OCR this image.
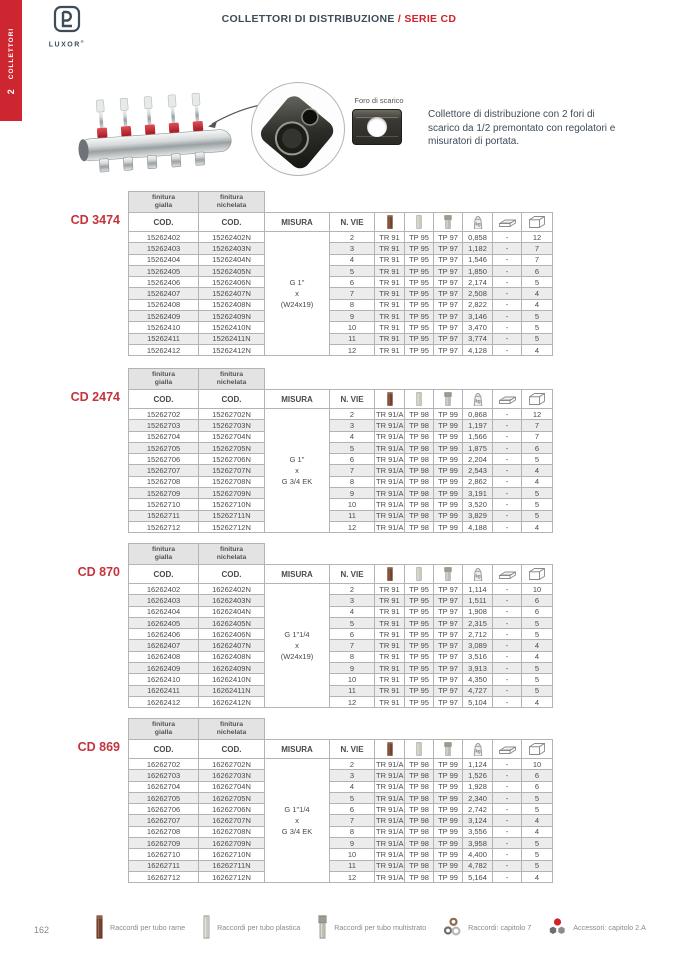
2
COLLETTORI	LUXOR®
COLLETTORI DI DISTRIBUZIONE / SERIE CD
Foro di scarico

Collettore di distribuzione con 2 fori di scarico da 1/2 premontato con regolatori e misuratori di portata.

CD 3474
finitura
gialla	finitura
nichelata								
COD.	COD.	MISURA	N. VIE				kg

15262402	15262402N	G 1"
x
(W24x19)	2	TR 91	TP 95	TP 97	0,858	-	12
15262403	15262403N		3	TR 91	TP 95	TP 97	1,182	-	7
15262404	15262404N		4	TR 91	TP 95	TP 97	1,546	-	7
15262405	15262405N		5	TR 91	TP 95	TP 97	1,850	-	6
15262406	15262406N		6	TR 91	TP 95	TP 97	2,174	-	5
15262407	15262407N		7	TR 91	TP 95	TP 97	2,508	-	4
15262408	15262408N		8	TR 91	TP 95	TP 97	2,822	-	4
15262409	15262409N		9	TR 91	TP 95	TP 97	3,146	-	5
15262410	15262410N		10	TR 91	TP 95	TP 97	3,470	-	5
15262411	15262411N		11	TR 91	TP 95	TP 97	3,774	-	5
15262412	15262412N		12	TR 91	TP 95	TP 97	4,128	-	4
CD 2474
finitura
gialla	finitura
nichelata								
COD.	COD.	MISURA	N. VIE				kg

15262702	15262702N	G 1"
x
G 3/4 EK	2	TR 91/A	TP 98	TP 99	0,868	-	12
15262703	15262703N		3	TR 91/A	TP 98	TP 99	1,197	-	7
15262704	15262704N		4	TR 91/A	TP 98	TP 99	1,566	-	7
15262705	15262705N		5	TR 91/A	TP 98	TP 99	1,875	-	6
15262706	15262706N		6	TR 91/A	TP 98	TP 99	2,204	-	5
15262707	15262707N		7	TR 91/A	TP 98	TP 99	2,543	-	4
15262708	15262708N		8	TR 91/A	TP 98	TP 99	2,862	-	4
15262709	15262709N		9	TR 91/A	TP 98	TP 99	3,191	-	5
15262710	15262710N		10	TR 91/A	TP 98	TP 99	3,520	-	5
15262711	15262711N		11	TR 91/A	TP 98	TP 99	3,829	-	5
15262712	15262712N		12	TR 91/A	TP 98	TP 99	4,188	-	4
CD 870
finitura
gialla	finitura
nichelata								
COD.	COD.	MISURA	N. VIE				kg

16262402	16262402N	G 1"1/4
x
(W24x19)	2	TR 91	TP 95	TP 97	1,114	-	10
16262403	16262403N		3	TR 91	TP 95	TP 97	1,511	-	6
16262404	16262404N		4	TR 91	TP 95	TP 97	1,908	-	6
16262405	16262405N		5	TR 91	TP 95	TP 97	2,315	-	5
16262406	16262406N		6	TR 91	TP 95	TP 97	2,712	-	5
16262407	16262407N		7	TR 91	TP 95	TP 97	3,089	-	4
16262408	16262408N		8	TR 91	TP 95	TP 97	3,516	-	4
16262409	16262409N		9	TR 91	TP 95	TP 97	3,913	-	5
16262410	16262410N		10	TR 91	TP 95	TP 97	4,350	-	5
16262411	16262411N		11	TR 91	TP 95	TP 97	4,727	-	5
16262412	16262412N		12	TR 91	TP 95	TP 97	5,104	-	4
CD 869
finitura
gialla	finitura
nichelata								
COD.	COD.	MISURA	N. VIE				kg

16262702	16262702N	G 1"1/4
x
G 3/4 EK	2	TR 91/A	TP 98	TP 99	1,124	-	10
16262703	16262703N		3	TR 91/A	TP 98	TP 99	1,526	-	6
16262704	16262704N		4	TR 91/A	TP 98	TP 99	1,928	-	6
16262705	16262705N		5	TR 91/A	TP 98	TP 99	2,340	-	5
16262706	16262706N		6	TR 91/A	TP 98	TP 99	2,742	-	5
16262707	16262707N		7	TR 91/A	TP 98	TP 99	3,124	-	4
16262708	16262708N		8	TR 91/A	TP 98	TP 99	3,556	-	4
16262709	16262709N		9	TR 91/A	TP 98	TP 99	3,958	-	5
16262710	16262710N		10	TR 91/A	TP 98	TP 99	4,400	-	5
16262711	16262711N		11	TR 91/A	TP 98	TP 99	4,782	-	5
16262712	16262712N		12	TR 91/A	TP 98	TP 99	5,164	-	4
162	Raccordi per tubo rame	Raccordi per tubo plastica	Raccordi per tubo multistrato	Raccordi: capitolo 7	Accessori: capitolo 2.A
